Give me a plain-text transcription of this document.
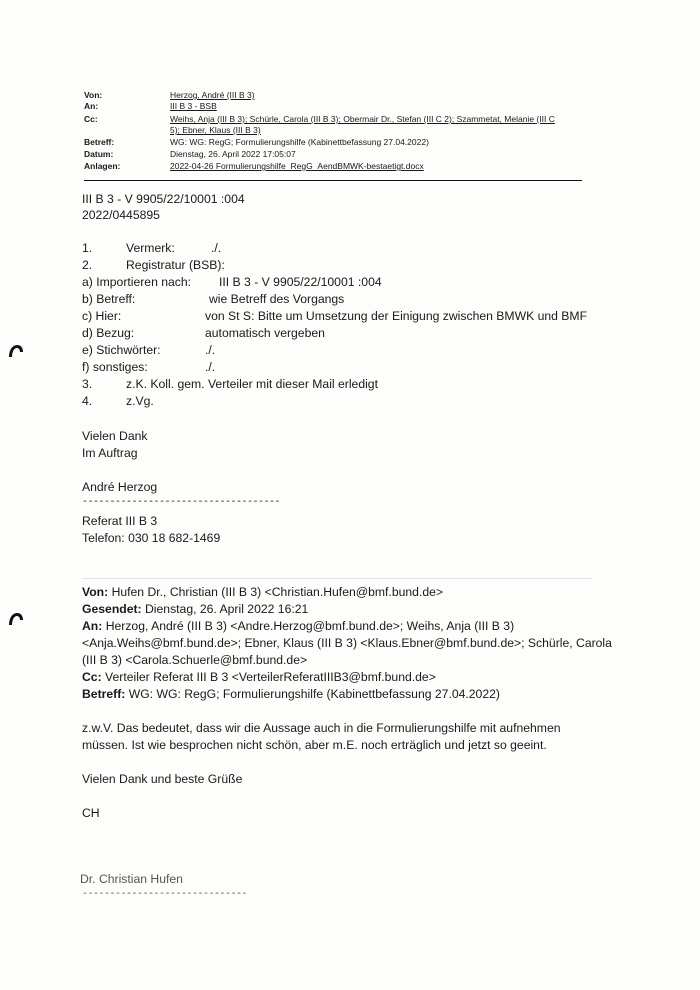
Von:	Herzog, André (III B 3)
An:	III B 3 - BSB
Cc:	Weihs, Anja (III B 3); Schürle, Carola (III B 3); Obermair Dr., Stefan (III C 2); Szammetat, Melanie (III C
5); Ebner, Klaus (III B 3)
Betreff:	WG: WG: RegG; Formulierungshilfe (Kabinettbefassung 27.04.2022)
Datum:	Dienstag, 26. April 2022 17:05:07
Anlagen:	2022-04-26 Formulierungshilfe_RegG_AendBMWK-bestaetigt.docx
III B 3 - V 9905/22/10001 :004
2022/0445895
1.	Vermerk:	./.
2.	Registratur (BSB):
a) Importieren nach: III B 3 - V 9905/22/10001 :004
b) Betreff:	wie Betreff des Vorgangs
c) Hier:	von St S: Bitte um Umsetzung der Einigung zwischen BMWK und BMF
d) Bezug:	automatisch vergeben
e) Stichwörter:	./.
f) sonstiges:	./.
3.	z.K. Koll. gem. Verteiler mit dieser Mail erledigt
4.	z.Vg.
Vielen Dank
Im Auftrag
André Herzog
------------------------------------
Referat III B 3
Telefon: 030 18 682-1469
Von: Hufen Dr., Christian (III B 3) <Christian.Hufen@bmf.bund.de>
Gesendet: Dienstag, 26. April 2022 16:21
An: Herzog, André (III B 3) <Andre.Herzog@bmf.bund.de>; Weihs, Anja (III B 3)
<Anja.Weihs@bmf.bund.de>; Ebner, Klaus (III B 3) <Klaus.Ebner@bmf.bund.de>; Schürle, Carola
(III B 3) <Carola.Schuerle@bmf.bund.de>
Cc: Verteiler Referat III B 3 <VerteilerReferatIIIB3@bmf.bund.de>
Betreff: WG: WG: RegG; Formulierungshilfe (Kabinettbefassung 27.04.2022)
z.w.V. Das bedeutet, dass wir die Aussage auch in die Formulierungshilfe mit aufnehmen
müssen. Ist wie besprochen nicht schön, aber m.E. noch erträglich und jetzt so geeint.
Vielen Dank und beste Grüße
CH
Dr. Christian Hufen
------------------------------
